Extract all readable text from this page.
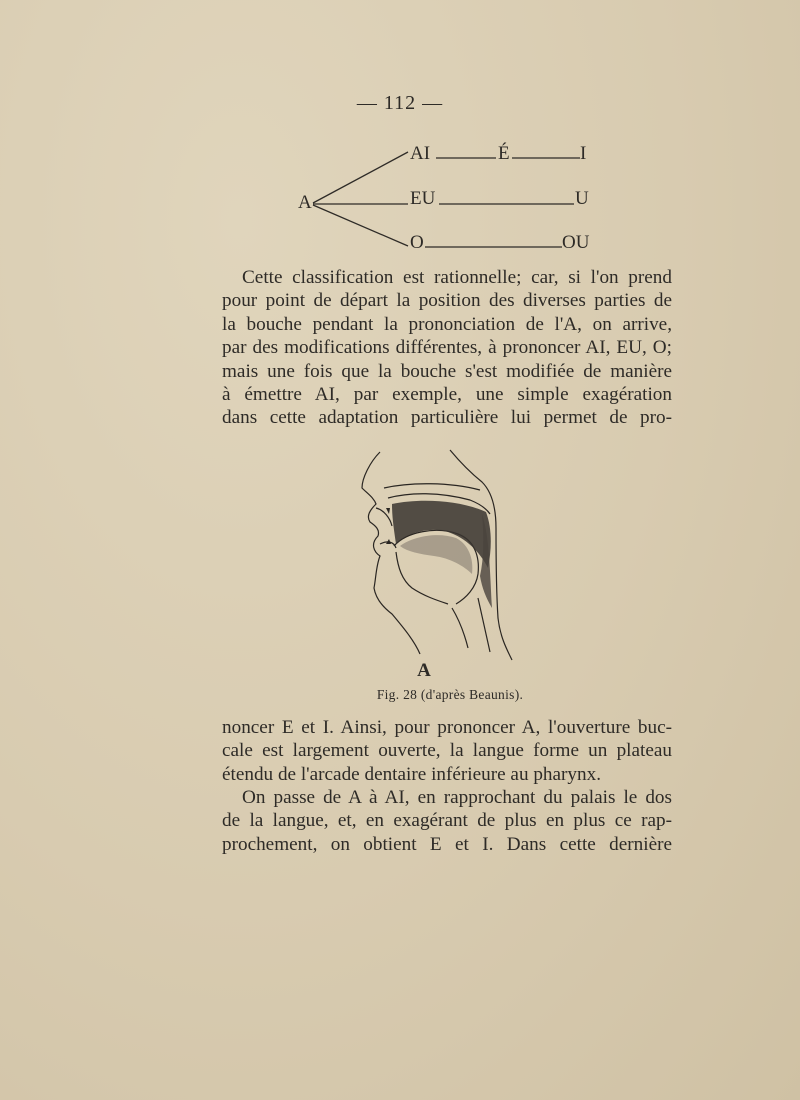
— 112 —
A
AI	É	I
EU	U
O	OU
Cette classification est rationnelle; car, si l'on prend
pour point de départ la position des diverses parties de
la bouche pendant la prononciation de l'A, on arrive,
par des modifications différentes, à prononcer AI, EU, O;
mais une fois que la bouche s'est modifiée de manière
à émettre AI, par exemple, une simple exagération
dans cette adaptation particulière lui permet de pro-
A
Fig. 28 (d'après Beaunis).
noncer E et I. Ainsi, pour prononcer A, l'ouverture buc-
cale est largement ouverte, la langue forme un plateau
étendu de l'arcade dentaire inférieure au pharynx.
On passe de A à AI, en rapprochant du palais le dos
de la langue, et, en exagérant de plus en plus ce rap-
prochement, on obtient E et I. Dans cette dernière
